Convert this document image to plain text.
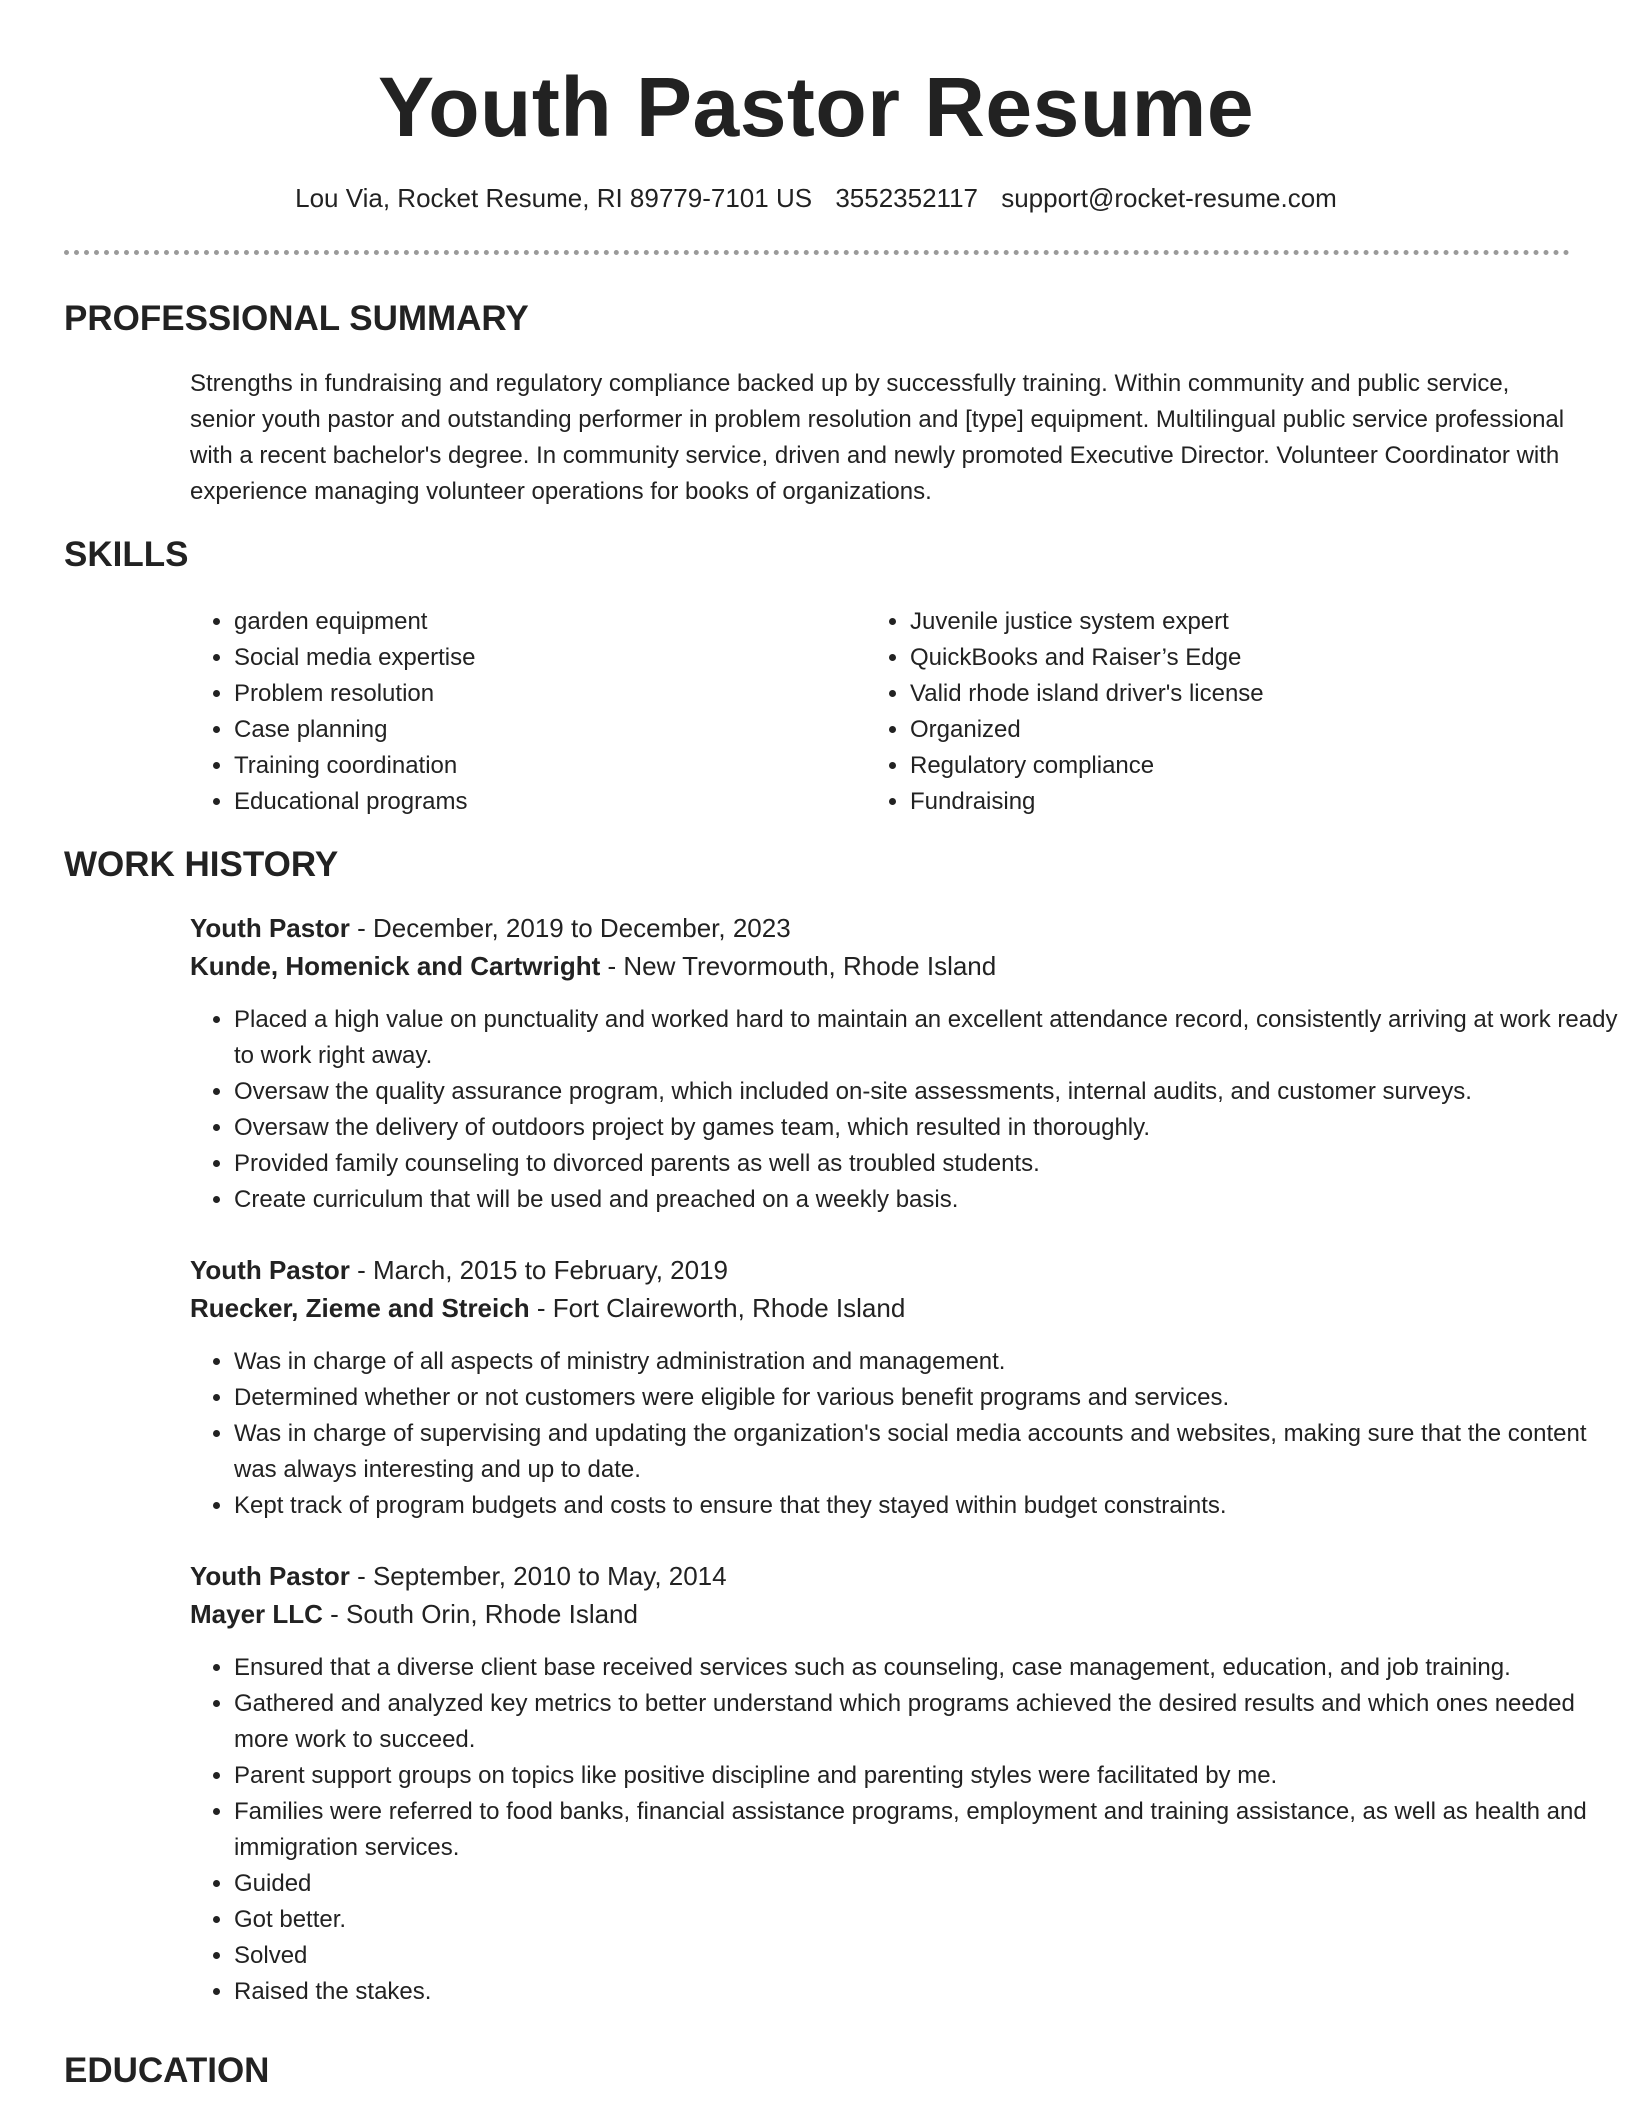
Youth Pastor Resume
Lou Via, Rocket Resume, RI 89779-7101 US 3552352117 support@rocket-resume.com
PROFESSIONAL SUMMARY

Strengths in fundraising and regulatory compliance backed up by successfully training. Within community and public service, senior youth pastor and outstanding performer in problem resolution and [type] equipment. Multilingual public service professional with a recent bachelor's degree. In community service, driven and newly promoted Executive Director. Volunteer Coordinator with experience managing volunteer operations for books of organizations.

SKILLS
• garden equipment
• Social media expertise
• Problem resolution
• Case planning
• Training coordination
• Educational programs
• Juvenile justice system expert
• QuickBooks and Raiser’s Edge
• Valid rhode island driver's license
• Organized
• Regulatory compliance
• Fundraising
WORK HISTORY
Youth Pastor - December, 2019 to December, 2023
Kunde, Homenick and Cartwright - New Trevormouth, Rhode Island
• Placed a high value on punctuality and worked hard to maintain an excellent attendance record, consistently arriving at work ready to work right away.
• Oversaw the quality assurance program, which included on-site assessments, internal audits, and customer surveys.
• Oversaw the delivery of outdoors project by games team, which resulted in thoroughly.
• Provided family counseling to divorced parents as well as troubled students.
• Create curriculum that will be used and preached on a weekly basis.
Youth Pastor - March, 2015 to February, 2019
Ruecker, Zieme and Streich - Fort Claireworth, Rhode Island
• Was in charge of all aspects of ministry administration and management.
• Determined whether or not customers were eligible for various benefit programs and services.
• Was in charge of supervising and updating the organization's social media accounts and websites, making sure that the content was always interesting and up to date.
• Kept track of program budgets and costs to ensure that they stayed within budget constraints.
Youth Pastor - September, 2010 to May, 2014
Mayer LLC - South Orin, Rhode Island
• Ensured that a diverse client base received services such as counseling, case management, education, and job training.
• Gathered and analyzed key metrics to better understand which programs achieved the desired results and which ones needed more work to succeed.
• Parent support groups on topics like positive discipline and parenting styles were facilitated by me.
• Families were referred to food banks, financial assistance programs, employment and training assistance, as well as health and immigration services.
• Guided
• Got better.
• Solved
• Raised the stakes.
EDUCATION
